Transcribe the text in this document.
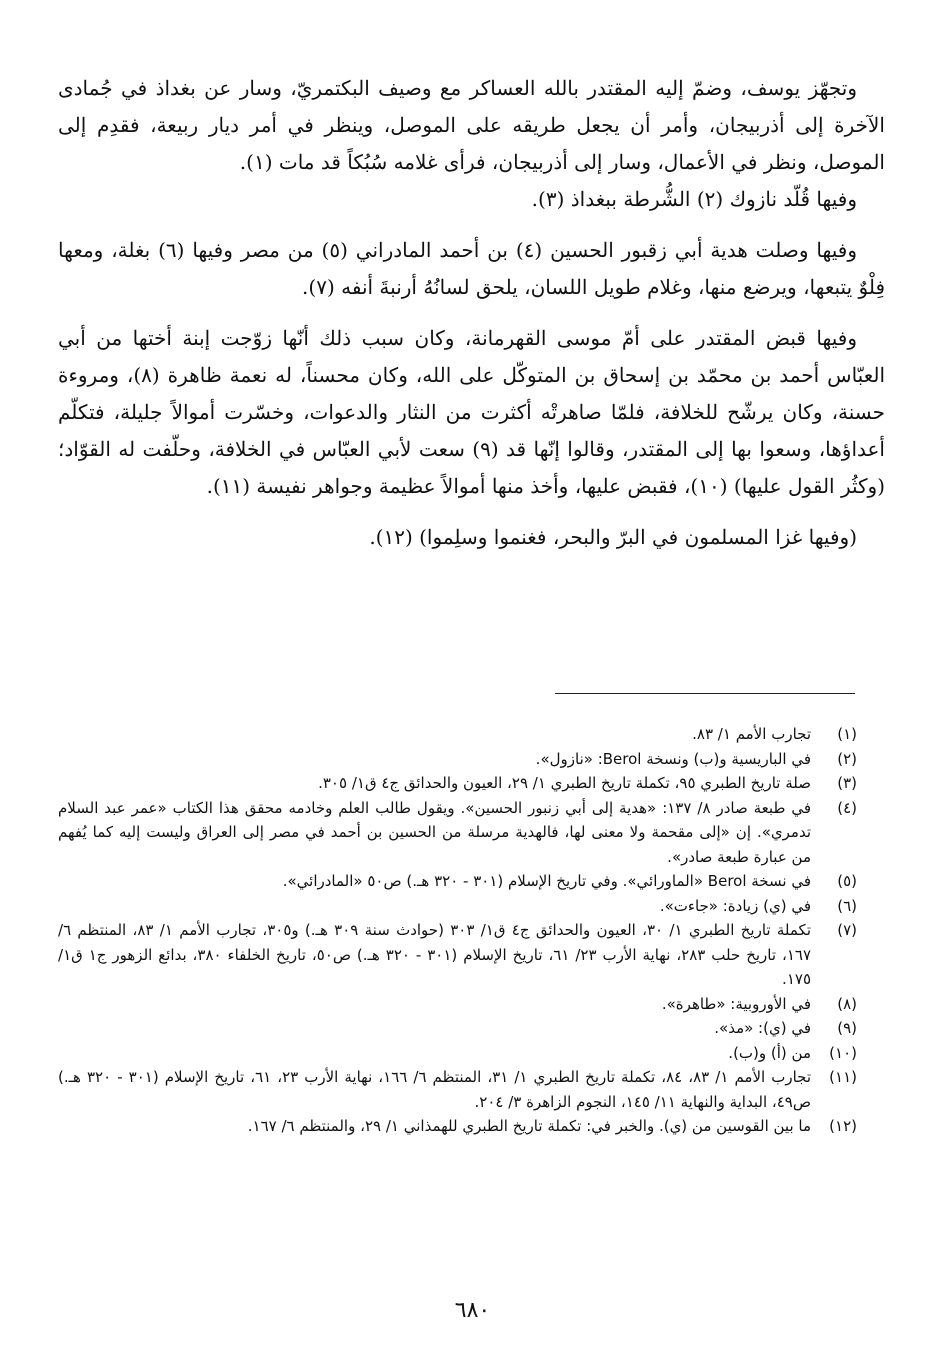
وتجهّز يوسف، وضمّ إليه المقتدر بالله العساكر مع وصيف البكتمريّ، وسار عن بغداذ في جُمادى الآخرة إلى أذربيجان، وأمر أن يجعل طريقه على الموصل، وينظر في أمر ديار ربيعة، فقدِم إلى الموصل، ونظر في الأعمال، وسار إلى أذربيجان، فرأى غلامه سُبُكاً قد مات (١).

وفيها قُلّد نازوك (٢) الشُّرطة ببغداذ (٣).

وفيها وصلت هدية أبي زقبور الحسين (٤) بن أحمد المادراني (٥) من مصر وفيها (٦) بغلة، ومعها فِلْوٌ يتبعها، ويرضع منها، وغلام طويل اللسان، يلحق لسانُهُ أرنبةَ أنفه (٧).

وفيها قبض المقتدر على أمّ موسى القهرمانة، وكان سبب ذلك أنّها زوّجت إبنة أختها من أبي العبّاس أحمد بن محمّد بن إسحاق بن المتوكّل على الله، وكان محسناً، له نعمة ظاهرة (٨)، ومروءة حسنة، وكان يرشّح للخلافة، فلمّا صاهرتْه أكثرت من النثار والدعوات، وخسّرت أموالاً جليلة، فتكلّم أعداؤها، وسعوا بها إلى المقتدر، وقالوا إنّها قد (٩) سعت لأبي العبّاس في الخلافة، وحلّفت له القوّاد؛ (وكثُر القول عليها) (١٠)، فقبض عليها، وأخذ منها أموالاً عظيمة وجواهر نفيسة (١١).

(وفيها غزا المسلمون في البرّ والبحر، فغنموا وسلِموا) (١٢).

(١)
تجارب الأمم ١/ ٨٣.
(٢)
في الباريسية و(ب) ونسخة Berol: «نازول».
(٣)
صلة تاريخ الطبري ٩٥، تكملة تاريخ الطبري ١/ ٢٩، العيون والحدائق ج٤ ق١/ ٣٠٥.
(٤)
في طبعة صادر ٨/ ١٣٧: «هدية إلى أبي زنبور الحسين». ويقول طالب العلم وخادمه محقق هذا الكتاب «عمر عبد السلام تدمري». إن «إلى مقحمة ولا معنى لها، فالهدية مرسلة من الحسين بن أحمد في مصر إلى العراق وليست إليه كما يُفهم من عبارة طبعة صادر».
(٥)
في نسخة Berol «الماورائي». وفي تاريخ الإسلام (٣٠١ - ٣٢٠ هـ.) ص٥٠ «المادرائي».
(٦)
في (ي) زيادة: «جاءت».
(٧)
تكملة تاريخ الطبري ١/ ٣٠، العيون والحدائق ج٤ ق١/ ٣٠٣ (حوادث سنة ٣٠٩ هـ.) و٣٠٥، تجارب الأمم ١/ ٨٣، المنتظم ٦/ ١٦٧، تاريخ حلب ٢٨٣، نهاية الأرب ٢٣/ ٦١، تاريخ الإسلام (٣٠١ - ٣٢٠ هـ.) ص٥٠، تاريخ الخلفاء ٣٨٠، بدائع الزهور ج١ ق١/ ١٧٥.
(٨)
في الأوروبية: «طاهرة».
(٩)
في (ي): «مذ».
(١٠)
من (أ) و(ب).
(١١)
تجارب الأمم ١/ ٨٣، ٨٤، تكملة تاريخ الطبري ١/ ٣١، المنتظم ٦/ ١٦٦، نهاية الأرب ٢٣، ٦١، تاريخ الإسلام (٣٠١ - ٣٢٠ هـ.) ص٤٩، البداية والنهاية ١١/ ١٤٥، النجوم الزاهرة ٣/ ٢٠٤.
(١٢)
ما بين القوسين من (ي). والخبر في: تكملة تاريخ الطبري للهمذاني ١/ ٢٩، والمنتظم ٦/ ١٦٧.
٦٨٠
